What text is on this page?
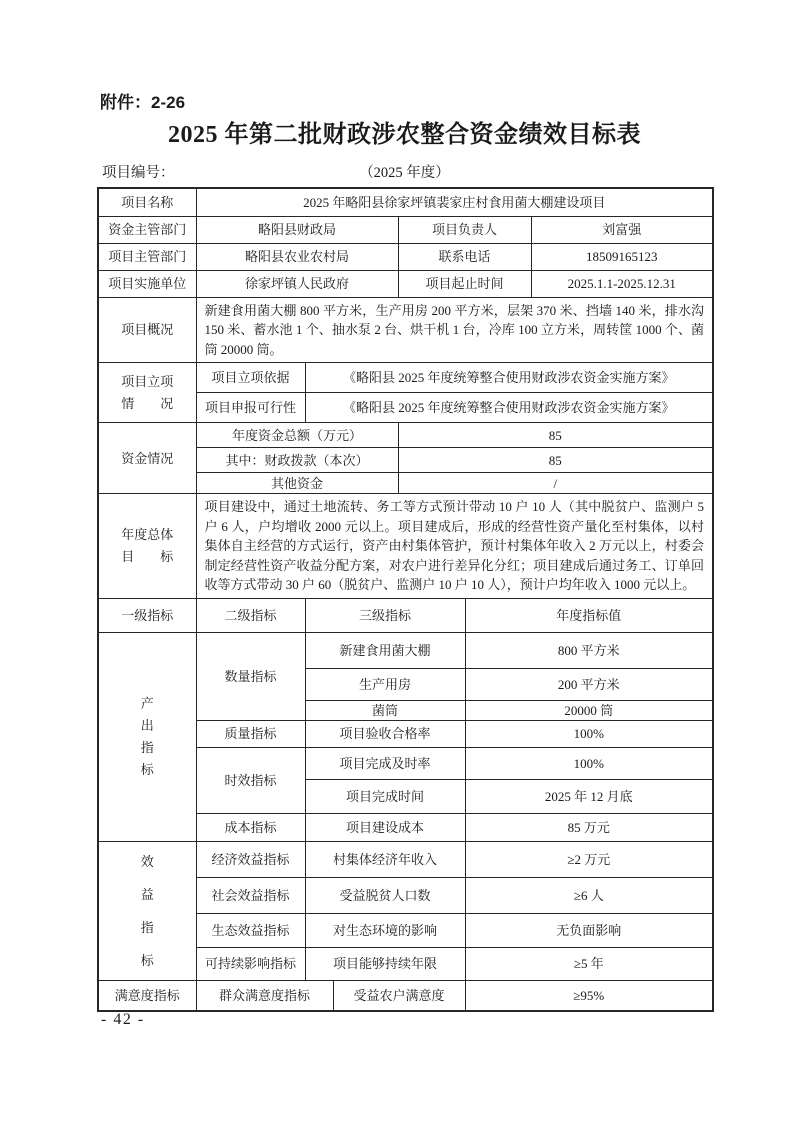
附件：2-26
2025 年第二批财政涉农整合资金绩效目标表
项目编号：	（2025 年度）
项目名称	2025 年略阳县徐家坪镇裴家庄村食用菌大棚建设项目					
资金主管部门	略阳县财政局			项目负责人		刘富强
项目主管部门	略阳县农业农村局			联系电话		18509165123
项目实施单位	徐家坪镇人民政府			项目起止时间		2025.1.1-2025.12.31
项目概况	新建食用菌大棚 800 平方米，生产用房 200 平方米，层架 370 米、挡墙 140 米，排水沟 150 米、蓄水池 1 个、抽水泵 2 台、烘干机 1 台，冷库 100 立方米，周转筐 1000 个、菌筒 20000 筒。					
项目立项
情　　况	项目立项依据	《略阳县 2025 年度统筹整合使用财政涉农资金实施方案》				
	项目申报可行性	《略阳县 2025 年度统筹整合使用财政涉农资金实施方案》				
资金情况	年度资金总额（万元）			85		
	其中：财政拨款（本次）			85		
	其他资金			/		
年度总体
目　　标	项目建设中，通过土地流转、务工等方式预计带动 10 户 10 人（其中脱贫户、监测户 5 户 6 人，户均增收 2000 元以上。项目建成后，形成的经营性资产量化至村集体，以村集体自主经营的方式运行，资产由村集体管护，预计村集体年收入 2 万元以上，村委会制定经营性资产收益分配方案，对农户进行差异化分红；项目建成后通过务工、订单回收等方式带动 30 户 60（脱贫户、监测户 10 户 10 人），预计户均年收入 1000 元以上。					
一级指标	二级指标	三级指标			年度指标值	

产出指标	数量指标	新建食用菌大棚			800 平方米	
		生产用房			200 平方米	
		菌筒			20000 筒	
	质量指标	项目验收合格率			100%	
	时效指标	项目完成及时率			100%	
		项目完成时间			2025 年 12 月底	
	成本指标	项目建设成本			85 万元	

效益指标	经济效益指标	村集体经济年收入			≥2 万元	
	社会效益指标	受益脱贫人口数			≥6 人	
	生态效益指标	对生态环境的影响			无负面影响	
	可持续影响指标	项目能够持续年限			≥5 年	
满意度指标	群众满意度指标		受益农户满意度		≥95%	
- 42 -
